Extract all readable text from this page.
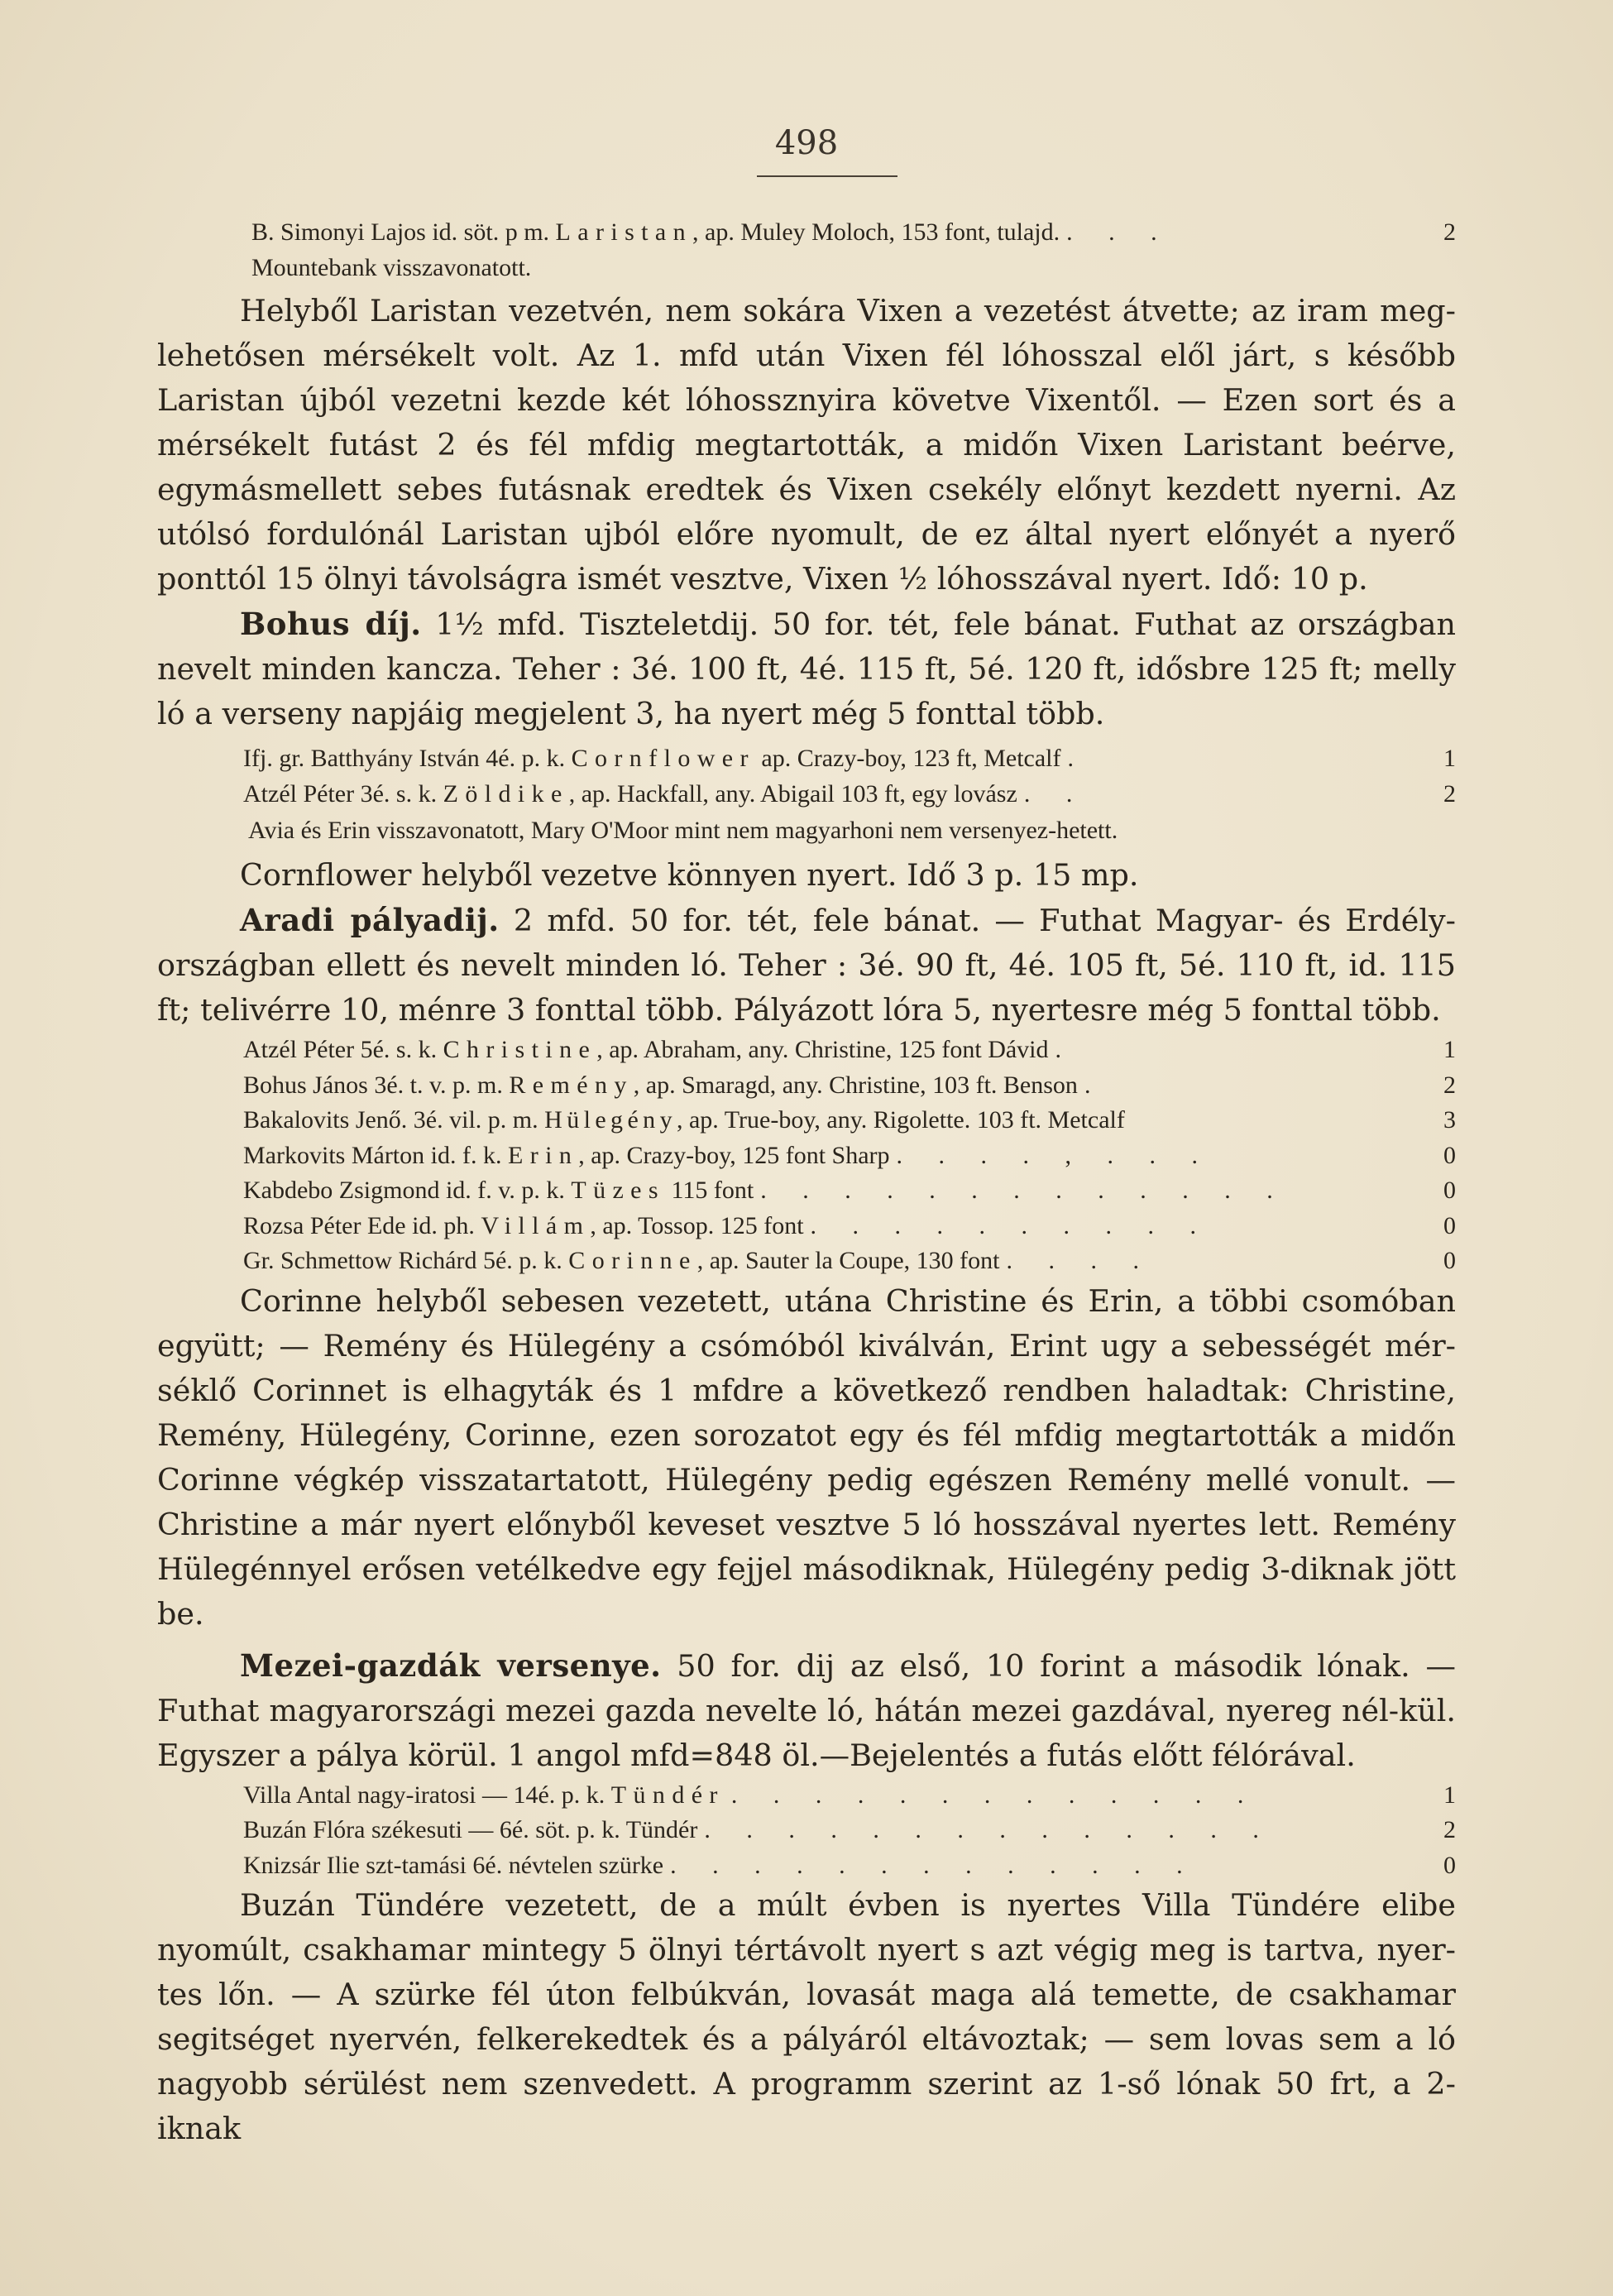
498
B. Simonyi Lajos id. söt. p m. Laristan , ap. Muley Moloch, 153 font, tulajd. . . .	2
Mountebank visszavonatott.

Helyből Laristan vezetvén, nem sokára Vixen a vezetést átvette; az iram meg-lehetősen mérsékelt volt. Az 1. mfd után Vixen fél lóhosszal elől járt, s később Laristan újból vezetni kezde két lóhossznyira követve Vixentől. — Ezen sort és a mérsékelt futást 2 és fél mfdig megtartották, a midőn Vixen Laristant beérve, egymásmellett sebes futásnak eredtek és Vixen csekély előnyt kezdett nyerni. Az utólsó fordulónál Laristan ujból előre nyomult, de ez által nyert előnyét a nyerő ponttól 15 ölnyi távolságra ismét vesztve, Vixen ½ lóhosszával nyert. Idő: 10 p.

Bohus díj. 1½ mfd. Tiszteletdij. 50 for. tét, fele bánat. Futhat az országban nevelt minden kancza. Teher : 3é. 100 ft, 4é. 115 ft, 5é. 120 ft, idősbre 125 ft; melly ló a verseny napjáig megjelent 3, ha nyert még 5 fonttal több.

Ifj. gr. Batthyány István 4é. p. k. Cornflower ap. Crazy-boy, 123 ft, Metcalf .	1
Atzél Péter 3é. s. k. Zöldike , ap. Hackfall, any. Abigail 103 ft, egy lovász . .	2

Avia és Erin visszavonatott, Mary O'Moor mint nem magyarhoni nem versenyez-hetett.

Cornflower helyből vezetve könnyen nyert. Idő 3 p. 15 mp.

Aradi pályadij. 2 mfd. 50 for. tét, fele bánat. — Futhat Magyar- és Erdély-országban ellett és nevelt minden ló. Teher : 3é. 90 ft, 4é. 105 ft, 5é. 110 ft, id. 115 ft; telivérre 10, ménre 3 fonttal több. Pályázott lóra 5, nyertesre még 5 fonttal több.

Atzél Péter 5é. s. k. Christine , ap. Abraham, any. Christine, 125 font Dávid .	1
Bohus János 3é. t. v. p. m. Remény , ap. Smaragd, any. Christine, 103 ft. Benson .	2
Bakalovits Jenő. 3é. vil. p. m. Hülegény , ap. True-boy, any. Rigolette. 103 ft. Metcalf	3
Markovits Márton id. f. k. Erin , ap. Crazy-boy, 125 font Sharp . . . . , . . .	0
Kabdebo Zsigmond id. f. v. p. k. Tüzes 115 font . . . . . . . . . . . . .	0
Rozsa Péter Ede id. ph. Villám , ap. Tossop. 125 font . . . . . . . . . .	0
Gr. Schmettow Richárd 5é. p. k. Corinne , ap. Sauter la Coupe, 130 font . . . .	0

Corinne helyből sebesen vezetett, utána Christine és Erin, a többi csomóban együtt; — Remény és Hülegény a csómóból kiválván, Erint ugy a sebességét mér-séklő Corinnet is elhagyták és 1 mfdre a következő rendben haladtak: Christine, Remény, Hülegény, Corinne, ezen sorozatot egy és fél mfdig megtartották a midőn Corinne végkép visszatartatott, Hülegény pedig egészen Remény mellé vonult. — Christine a már nyert előnyből keveset vesztve 5 ló hosszával nyertes lett. Remény Hülegénnyel erősen vetélkedve egy fejjel másodiknak, Hülegény pedig 3-diknak jött be.

Mezei-gazdák versenye. 50 for. dij az első, 10 forint a második lónak. — Futhat magyarországi mezei gazda nevelte ló, hátán mezei gazdával, nyereg nél-kül. Egyszer a pálya körül. 1 angol mfd=848 öl.—Bejelentés a futás előtt félórával.

Villa Antal nagy-iratosi — 14é. p. k. Tündér . . . . . . . . . . . . .	1
Buzán Flóra székesuti — 6é. söt. p. k. Tündér . . . . . . . . . . . . . .	2
Knizsár Ilie szt-tamási 6é. névtelen szürke . . . . . . . . . . . . .	0

Buzán Tündére vezetett, de a múlt évben is nyertes Villa Tündére elibe nyomúlt, csakhamar mintegy 5 ölnyi tértávolt nyert s azt végig meg is tartva, nyer-tes lőn. — A szürke fél úton felbúkván, lovasát maga alá temette, de csakhamar segitséget nyervén, felkerekedtek és a pályáról eltávoztak; — sem lovas sem a ló nagyobb sérülést nem szenvedett. A programm szerint az 1-ső lónak 50 frt, a 2-iknak
